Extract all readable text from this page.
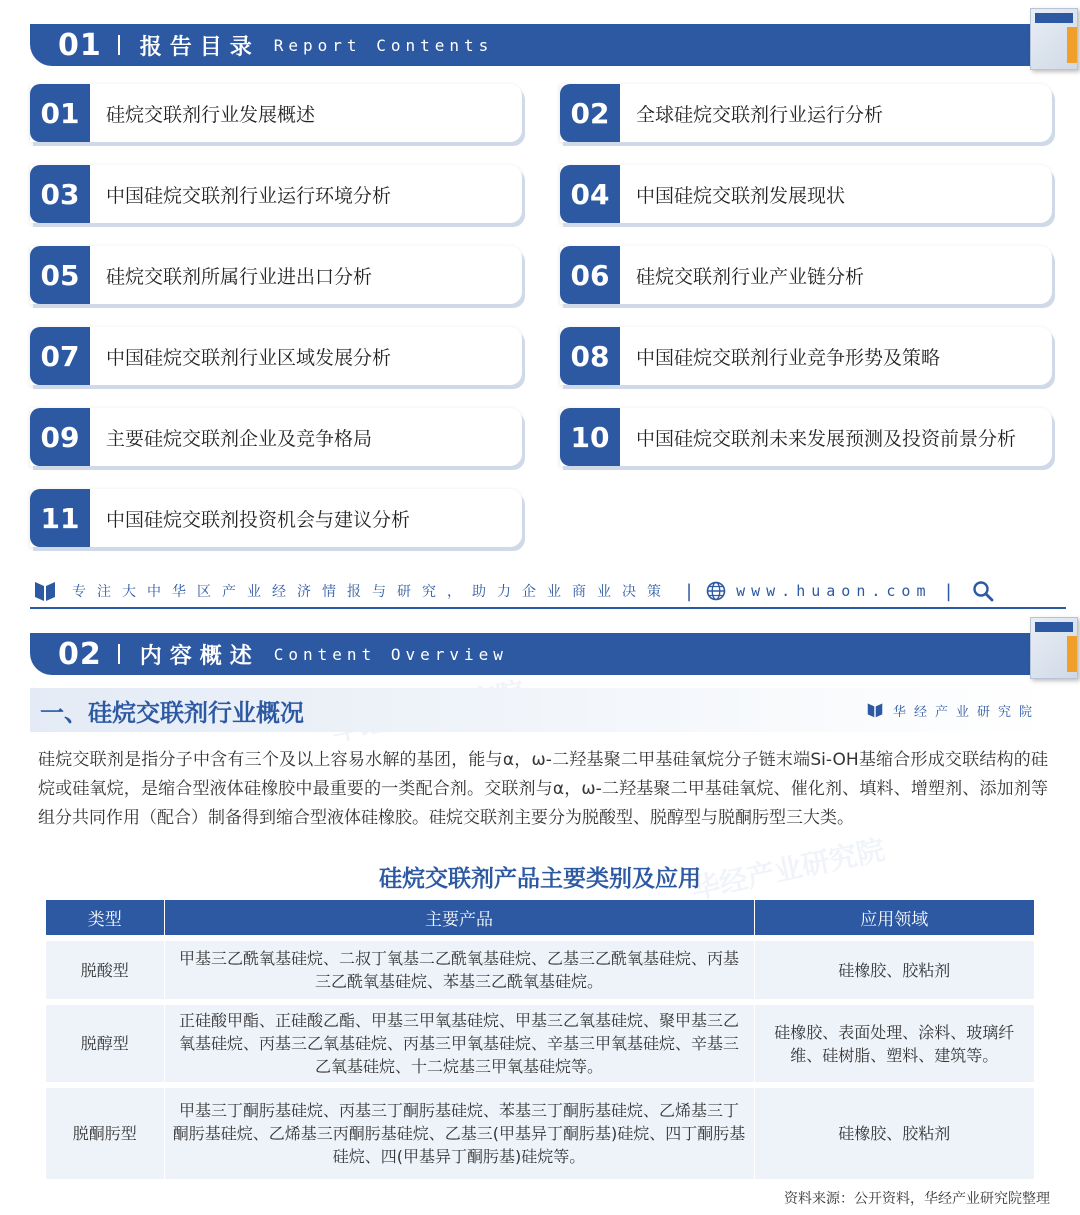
01 报告目录 Report Contents
01	硅烷交联剂行业发展概述	02	全球硅烷交联剂行业运行分析
03	中国硅烷交联剂行业运行环境分析	04	中国硅烷交联剂发展现状
05	硅烷交联剂所属行业进出口分析	06	硅烷交联剂行业产业链分析
07	中国硅烷交联剂行业区域发展分析	08	中国硅烷交联剂行业竞争形势及策略
09	主要硅烷交联剂企业及竞争格局	10	中国硅烷交联剂未来发展预测及投资前景分析
11	中国硅烷交联剂投资机会与建议分析
专注大中华区产业经济情报与研究，助力企业商业决策 |	www.huaon.com |
02 内容概述 Content Overview
华经产业研究院
一、硅烷交联剂行业概况	华经产业研究院

硅烷交联剂是指分子中含有三个及以上容易水解的基团，能与α，ω-二羟基聚二甲基硅氧烷分子链末端Si-OH基缩合形成交联结构的硅烷或硅氧烷，是缩合型液体硅橡胶中最重要的一类配合剂。交联剂与α，ω-二羟基聚二甲基硅氧烷、催化剂、填料、增塑剂、添加剂等组分共同作用（配合）制备得到缩合型液体硅橡胶。硅烷交联剂主要分为脱酸型、脱醇型与脱酮肟型三大类。

硅烷交联剂产品主要类别及应用
类型	主要产品	应用领域
脱酸型	甲基三乙酰氧基硅烷、二叔丁氧基二乙酰氧基硅烷、乙基三乙酰氧基硅烷、丙基三乙酰氧基硅烷、苯基三乙酰氧基硅烷。	硅橡胶、胶粘剂
脱醇型	正硅酸甲酯、正硅酸乙酯、甲基三甲氧基硅烷、甲基三乙氧基硅烷、聚甲基三乙氧基硅烷、丙基三乙氧基硅烷、丙基三甲氧基硅烷、辛基三甲氧基硅烷、辛基三乙氧基硅烷、十二烷基三甲氧基硅烷等。	硅橡胶、表面处理、涂料、玻璃纤维、硅树脂、塑料、建筑等。
脱酮肟型	甲基三丁酮肟基硅烷、丙基三丁酮肟基硅烷、苯基三丁酮肟基硅烷、乙烯基三丁酮肟基硅烷、乙烯基三丙酮肟基硅烷、乙基三(甲基异丁酮肟基)硅烷、四丁酮肟基硅烷、四(甲基异丁酮肟基)硅烷等。	硅橡胶、胶粘剂
资料来源：公开资料，华经产业研究院整理
